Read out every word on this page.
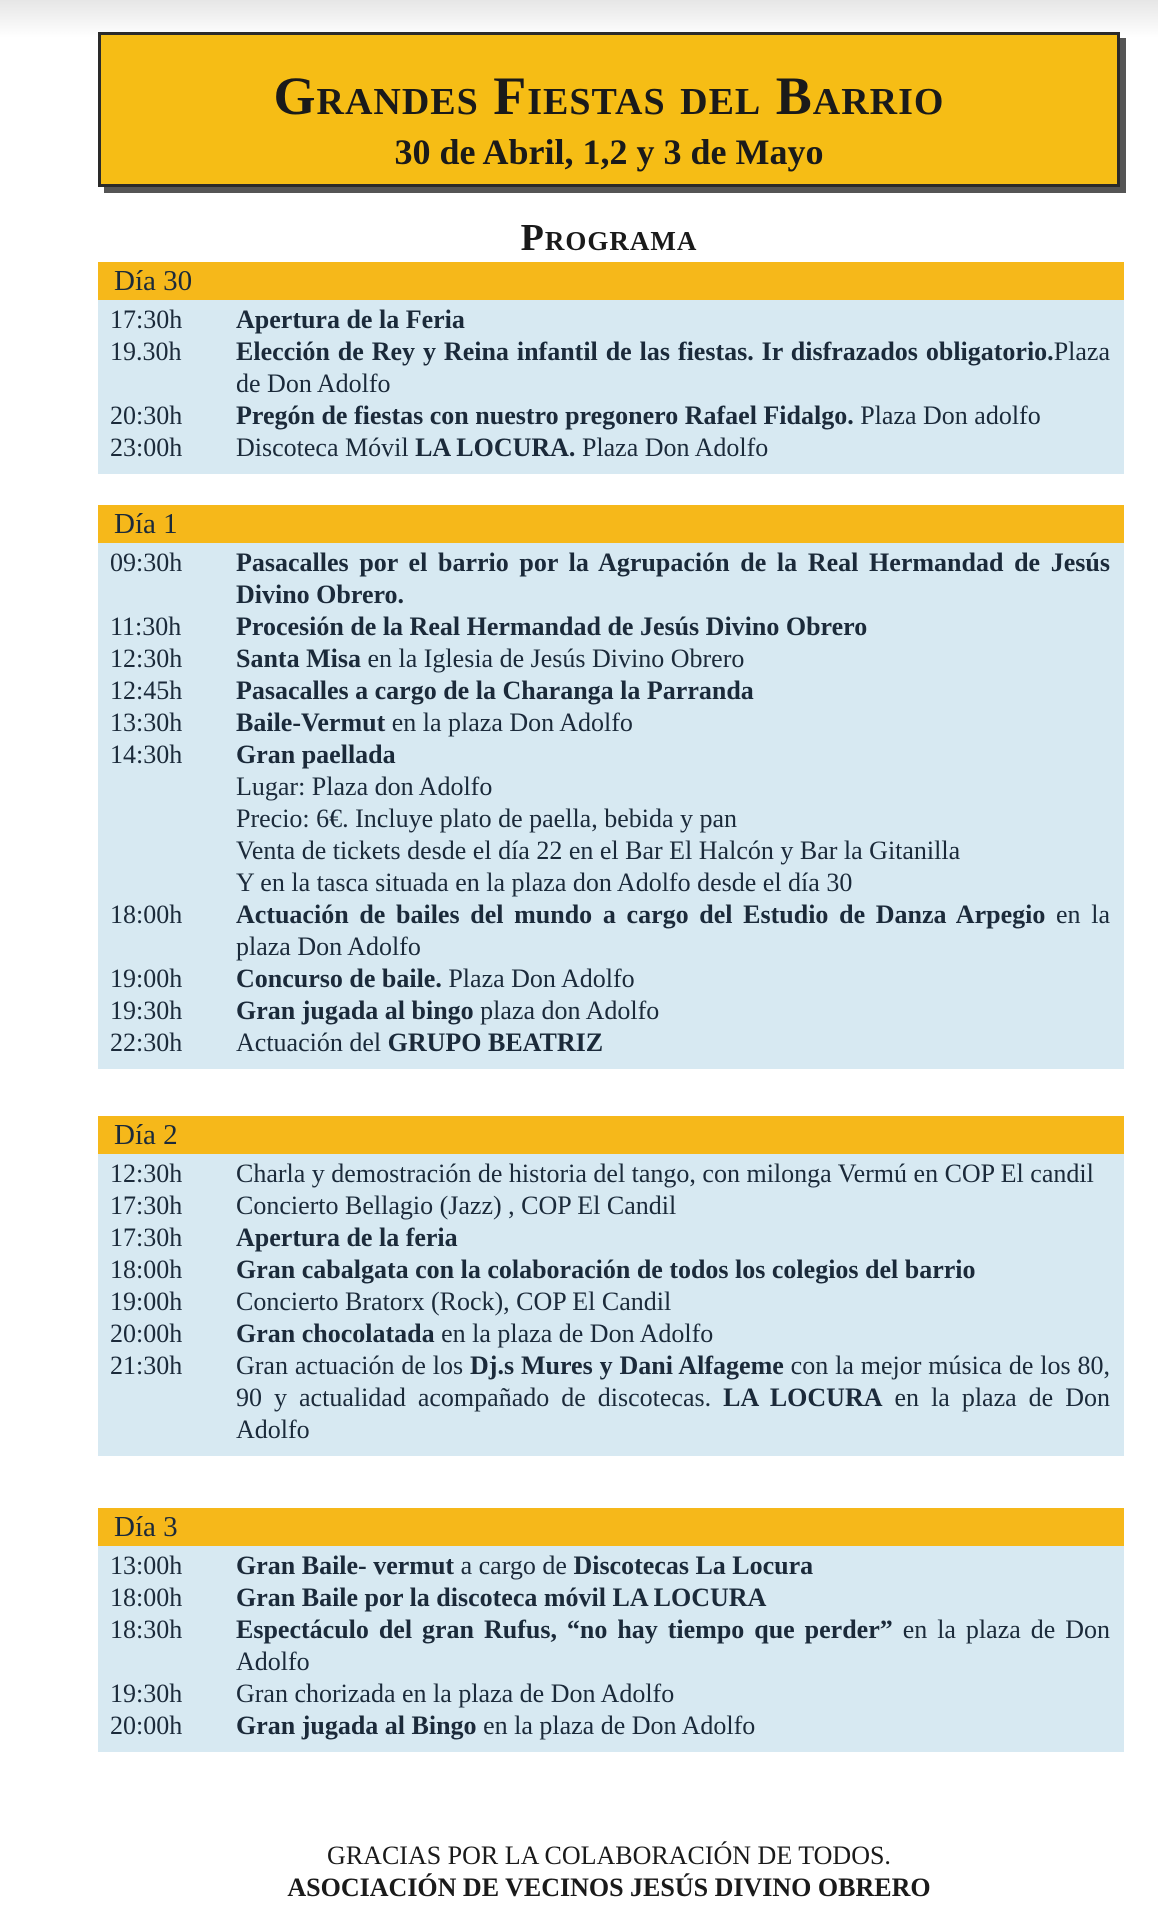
Grandes Fiestas del Barrio
30 de Abril, 1,2 y 3 de Mayo
Programa
Día 30
17:30h	Apertura de la Feria
19.30h	Elección de Rey y Reina infantil de las fiestas. Ir disfrazados obligatorio.Plaza de Don Adolfo
20:30h	Pregón de fiestas con nuestro pregonero Rafael Fidalgo. Plaza Don adolfo
23:00h	Discoteca Móvil LA LOCURA. Plaza Don Adolfo
Día 1
09:30h	Pasacalles por el barrio por la Agrupación de la Real Hermandad de Jesús Divino Obrero.
11:30h	Procesión de la Real Hermandad de Jesús Divino Obrero
12:30h	Santa Misa en la Iglesia de Jesús Divino Obrero
12:45h	Pasacalles a cargo de la Charanga la Parranda
13:30h	Baile-Vermut en la plaza Don Adolfo
14:30h	Gran paellada
Lugar: Plaza don Adolfo
Precio: 6€. Incluye plato de paella, bebida y pan
Venta de tickets desde el día 22 en el Bar El Halcón y Bar la Gitanilla
Y en la tasca situada en la plaza don Adolfo desde el día 30
18:00h	Actuación de bailes del mundo a cargo del Estudio de Danza Arpegio en la plaza Don Adolfo
19:00h	Concurso de baile. Plaza Don Adolfo
19:30h	Gran jugada al bingo plaza don Adolfo
22:30h	Actuación del GRUPO BEATRIZ
Día 2
12:30h	Charla y demostración de historia del tango, con milonga Vermú en COP El candil
17:30h	Concierto Bellagio (Jazz) , COP El Candil
17:30h	Apertura de la feria
18:00h	Gran cabalgata con la colaboración de todos los colegios del barrio
19:00h	Concierto Bratorx (Rock), COP El Candil
20:00h	Gran chocolatada en la plaza de Don Adolfo
21:30h	Gran actuación de los Dj.s Mures y Dani Alfageme con la mejor música de los 80, 90 y actualidad acompañado de discotecas. LA LOCURA en la plaza de Don Adolfo
Día 3
13:00h	Gran Baile- vermut a cargo de Discotecas La Locura
18:00h	Gran Baile por la discoteca móvil LA LOCURA
18:30h	Espectáculo del gran Rufus, “no hay tiempo que perder” en la plaza de Don Adolfo
19:30h	Gran chorizada en la plaza de Don Adolfo
20:00h	Gran jugada al Bingo en la plaza de Don Adolfo
GRACIAS POR LA COLABORACIÓN DE TODOS.
ASOCIACIÓN DE VECINOS JESÚS DIVINO OBRERO
